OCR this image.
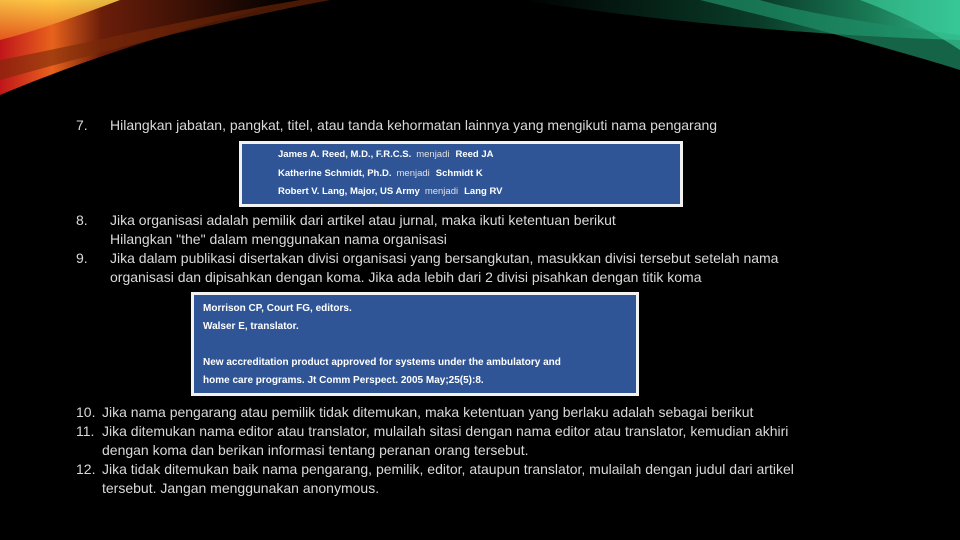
7. Hilangkan jabatan, pangkat, titel, atau tanda kehormatan lainnya yang mengikuti nama pengarang
James A. Reed, M.D., F.R.C.S. menjadi Reed JA
Katherine Schmidt, Ph.D. menjadi Schmidt K
Robert V. Lang, Major, US Army menjadi Lang RV
8. Jika organisasi adalah pemilik dari artikel atau jurnal, maka ikuti ketentuan berikut
Hilangkan "the" dalam menggunakan nama organisasi
9. Jika dalam publikasi disertakan divisi organisasi yang bersangkutan, masukkan divisi tersebut setelah nama
organisasi dan dipisahkan dengan koma. Jika ada lebih dari 2 divisi pisahkan dengan titik koma
Morrison CP, Court FG, editors.
Walser E, translator.
New accreditation product approved for systems under the ambulatory and
home care programs. Jt Comm Perspect. 2005 May;25(5):8.
10. Jika nama pengarang atau pemilik tidak ditemukan, maka ketentuan yang berlaku adalah sebagai berikut
11. Jika ditemukan nama editor atau translator, mulailah sitasi dengan nama editor atau translator, kemudian akhiri
dengan koma dan berikan informasi tentang peranan orang tersebut.
12. Jika tidak ditemukan baik nama pengarang, pemilik, editor, ataupun translator, mulailah dengan judul dari artikel
tersebut. Jangan menggunakan anonymous.
